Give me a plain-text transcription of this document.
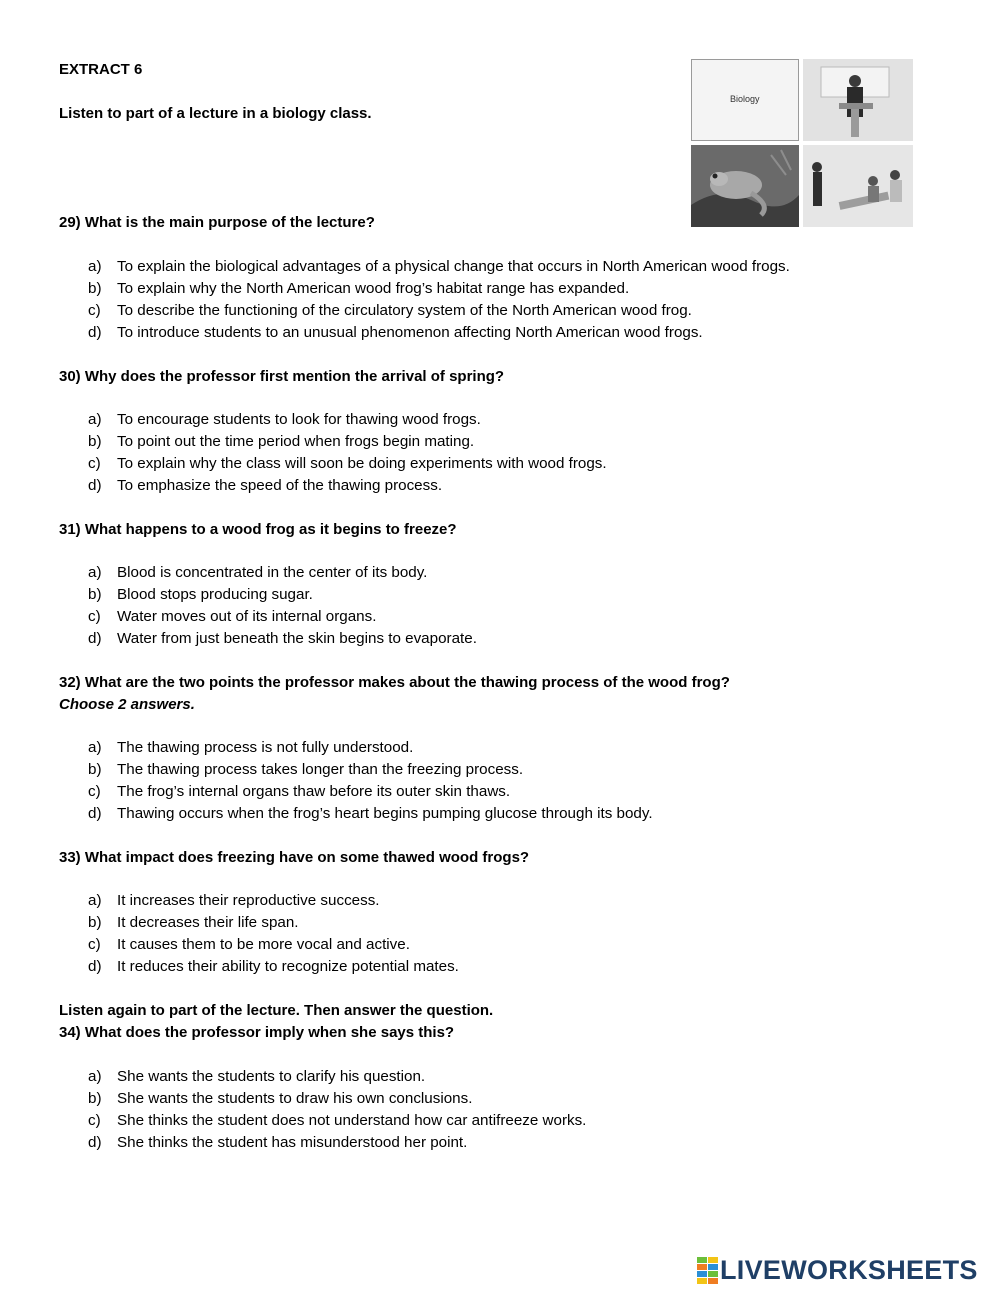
EXTRACT 6
Listen to part of a lecture in a biology class.
Biology
29) What is the main purpose of the lecture?
a) To explain the biological advantages of a physical change that occurs in North American wood frogs.
b) To explain why the North American wood frog’s habitat range has expanded.
c) To describe the functioning of the circulatory system of the North American wood frog.
d) To introduce students to an unusual phenomenon affecting North American wood frogs.
30) Why does the professor first mention the arrival of spring?
a) To encourage students to look for thawing wood frogs.
b) To point out the time period when frogs begin mating.
c) To explain why the class will soon be doing experiments with wood frogs.
d) To emphasize the speed of the thawing process.
31) What happens to a wood frog as it begins to freeze?
a) Blood is concentrated in the center of its body.
b) Blood stops producing sugar.
c) Water moves out of its internal organs.
d) Water from just beneath the skin begins to evaporate.
32) What are the two points the professor makes about the thawing process of the wood frog?
Choose 2 answers.
a) The thawing process is not fully understood.
b) The thawing process takes longer than the freezing process.
c) The frog’s internal organs thaw before its outer skin thaws.
d) Thawing occurs when the frog’s heart begins pumping glucose through its body.
33) What impact does freezing have on some thawed wood frogs?
a) It increases their reproductive success.
b) It decreases their life span.
c) It causes them to be more vocal and active.
d) It reduces their ability to recognize potential mates.
Listen again to part of the lecture. Then answer the question.
34) What does the professor imply when she says this?
a) She wants the students to clarify his question.
b) She wants the students to draw his own conclusions.
c) She thinks the student does not understand how car antifreeze works.
d) She thinks the student has misunderstood her point.
LIVEWORKSHEETS
